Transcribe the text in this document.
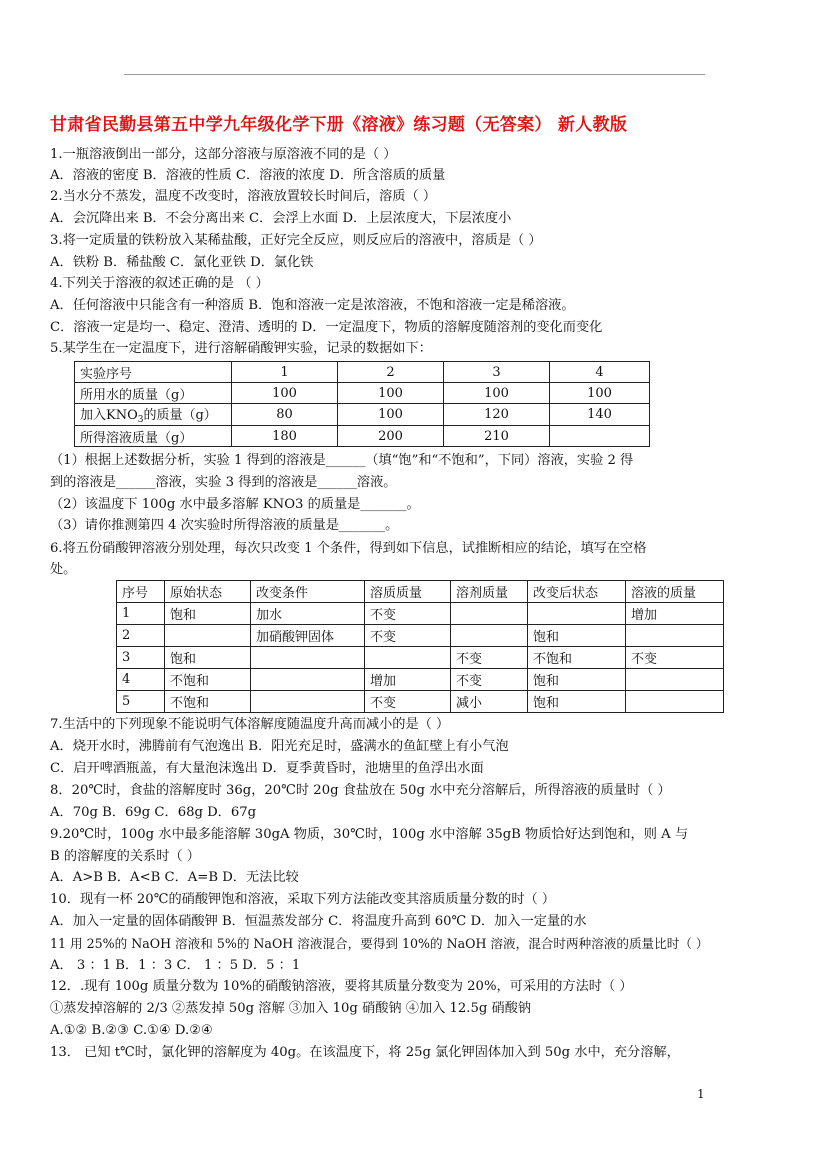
甘肃省民勤县第五中学九年级化学下册《溶液》练习题（无答案） 新人教版
1.一瓶溶液倒出一部分，这部分溶液与原溶液不同的是（ ）
A．溶液的密度 B．溶液的性质 C．溶液的浓度 D．所含溶质的质量
2.当水分不蒸发，温度不改变时，溶液放置较长时间后，溶质（ ）
A．会沉降出来 B．不会分离出来 C．会浮上水面 D．上层浓度大，下层浓度小
3.将一定质量的铁粉放入某稀盐酸，正好完全反应，则反应后的溶液中，溶质是（ ）
A．铁粉 B．稀盐酸 C．氯化亚铁 D．氯化铁
4.下列关于溶液的叙述正确的是 （ ）
A．任何溶液中只能含有一种溶质 B．饱和溶液一定是浓溶液，不饱和溶液一定是稀溶液。
C．溶液一定是均一、稳定、澄清、透明的 D．一定温度下，物质的溶解度随溶剂的变化而变化
5.某学生在一定温度下，进行溶解硝酸钾实验，记录的数据如下：
实验序号	1	2	3	4
所用水的质量（g）	100	100	100	100
加入$KNO_3$的质量（g）	80	100	120	140
所得溶液质量（g）	180	200	210	
（1）根据上述数据分析，实验 1 得到的溶液是______（填“饱”和“不饱和”，下同）溶液，实验 2 得
到的溶液是______溶液，实验 3 得到的溶液是______溶液。
（2）该温度下 100g 水中最多溶解 KNO3 的质量是_______。
（3）请你推测第四 4 次实验时所得溶液的质量是_______。
6.将五份硝酸钾溶液分别处理，每次只改变 1 个条件，得到如下信息，试推断相应的结论，填写在空格
处。
序号	原始状态	改变条件	溶质质量	溶剂质量	改变后状态	溶液的质量
1	饱和	加水	不变			增加
2		加硝酸钾固体	不变		饱和	
3	饱和			不变	不饱和	不变
4	不饱和		增加	不变	饱和	
5	不饱和		不变	减小	饱和	
7.生活中的下列现象不能说明气体溶解度随温度升高而减小的是（ ）
A．烧开水时，沸腾前有气泡逸出 B．阳光充足时，盛满水的鱼缸壁上有小气泡
C．启开啤酒瓶盖，有大量泡沫逸出 D．夏季黄昏时，池塘里的鱼浮出水面
8．20℃时，食盐的溶解度时 36g，20℃时 20g 食盐放在 50g 水中充分溶解后，所得溶液的质量时（ ）
A．70g B．69g C．68g D．67g
9.20℃时，100g 水中最多能溶解 30gA 物质，30℃时，100g 水中溶解 35gB 物质恰好达到饱和，则 A 与
B 的溶解度的关系时（ ）
A．A>B B．A<B C．A=B D．无法比较
10．现有一杯 20℃的硝酸钾饱和溶液，采取下列方法能改变其溶质质量分数的时（ ）
A．加入一定量的固体硝酸钾 B．恒温蒸发部分 C．将温度升高到 60℃ D．加入一定量的水
11 用 25%的 NaOH 溶液和 5%的 NaOH 溶液混合，要得到 10%的 NaOH 溶液，混合时两种溶液的质量比时（ ）
A． 3 ：1 B．1 ：3 C． 1 ：5 D．5 ：1
12．.现有 100g 质量分数为 10%的硝酸钠溶液，要将其质量分数变为 20%，可采用的方法时（ ）
①蒸发掉溶解的 2/3 ②蒸发掉 50g 溶解 ③加入 10g 硝酸钠 ④加入 12.5g 硝酸钠
A.①② B.②③ C.①④ D.②④
13． 已知 t℃时，氯化钾的溶解度为 40g。在该温度下，将 25g 氯化钾固体加入到 50g 水中，充分溶解，
1
